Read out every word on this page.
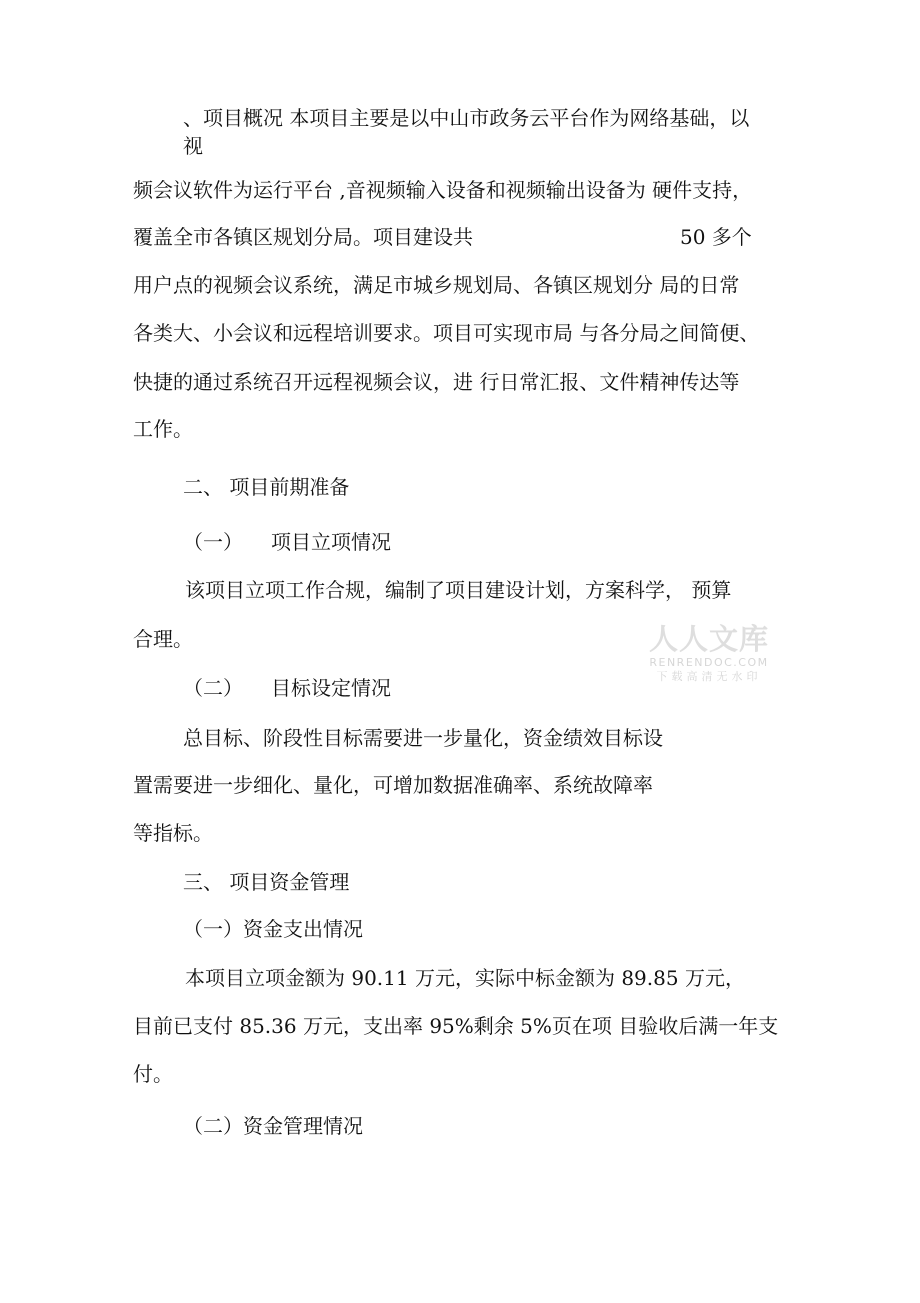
、项目概况 本项目主要是以中山市政务云平台作为网络基础，以

视

频会议软件为运行平台 ,音视频输入设备和视频输出设备为 硬件支持，

覆盖全市各镇区规划分局。项目建设共	50 多个

用户点的视频会议系统，满足市城乡规划局、各镇区规划分 局的日常

各类大、小会议和远程培训要求。项目可实现市局 与各分局之间简便、

快捷的通过系统召开远程视频会议，进 行日常汇报、文件精神传达等

工作。

二、 项目前期准备

（一） 项目立项情况

该项目立项工作合规，编制了项目建设计划，方案科学， 预算

合理。

（二） 目标设定情况

总目标、阶段性目标需要进一步量化，资金绩效目标设

置需要进一步细化、量化，可增加数据准确率、系统故障率

等指标。

三、 项目资金管理

（一）资金支出情况

本项目立项金额为 90.11 万元，实际中标金额为 89.85 万元，

目前已支付 85.36 万元，支出率 95%剩余 5%页在项 目验收后满一年支

付。

（二）资金管理情况

人人文库
RENRENDOC.COM
下载高清无水印
